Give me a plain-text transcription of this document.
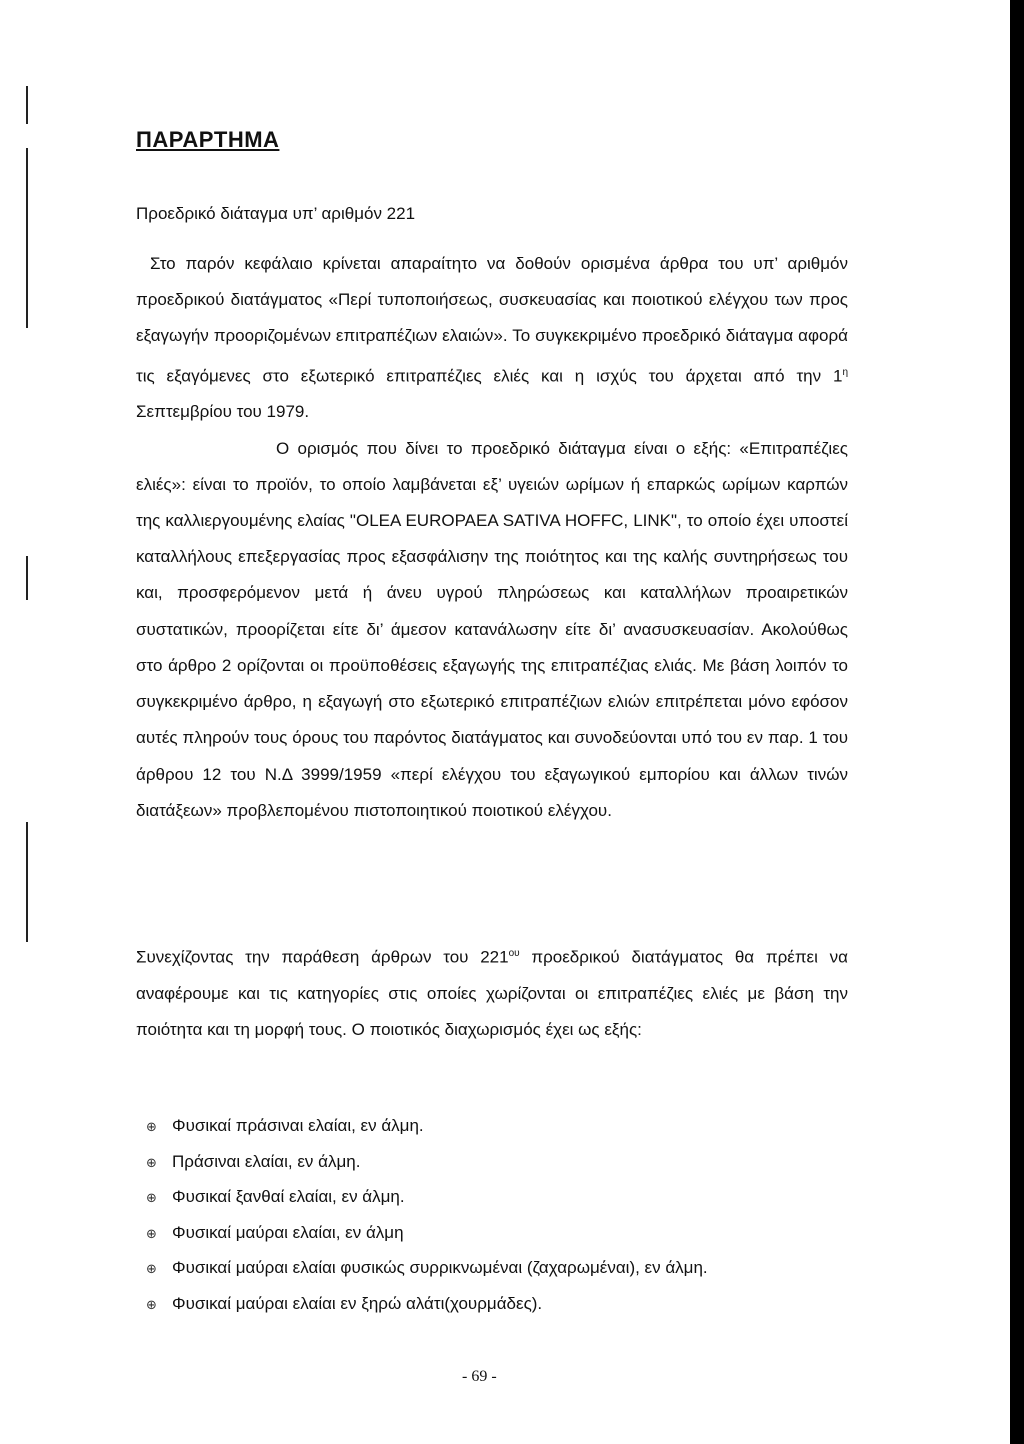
ΠΑΡΑΡΤΗΜΑ
Προεδρικό διάταγμα υπ’ αριθμόν 221

Στο παρόν κεφάλαιο κρίνεται απαραίτητο να δοθούν ορισμένα άρθρα του υπ’ αριθμόν προεδρικού διατάγματος «Περί τυποποιήσεως, συσκευασίας και ποιοτικού ελέγχου των προς εξαγωγήν προοριζομένων επιτραπέζιων ελαιών». Το συγκεκριμένο προεδρικό διάταγμα αφορά τις εξαγόμενες στο εξωτερικό επιτραπέζιες ελιές και η ισχύς του άρχεται από την $1^\eta$ Σεπτεμβρίου του 1979.
Ο ορισμός που δίνει το προεδρικό διάταγμα είναι ο εξής: «Επιτραπέζιες ελιές»: είναι το προϊόν, το οποίο λαμβάνεται εξ’ υγειών ωρίμων ή επαρκώς ωρίμων καρπών της καλλιεργουμένης ελαίας "OLEA EUROPAEA SATIVA HOFFC, LINK", το οποίο έχει υποστεί καταλλήλους επεξεργασίας προς εξασφάλισην της ποιότητος και της καλής συντηρήσεως του και, προσφερόμενον μετά ή άνευ υγρού πληρώσεως και καταλλήλων προαιρετικών συστατικών, προορίζεται είτε δι’ άμεσον κατανάλωσην είτε δι’ ανασυσκευασίαν. Ακολούθως στο άρθρο 2 ορίζονται οι προϋποθέσεις εξαγωγής της επιτραπέζιας ελιάς. Με βάση λοιπόν το συγκεκριμένο άρθρο, η εξαγωγή στο εξωτερικό επιτραπέζιων ελιών επιτρέπεται μόνο εφόσον αυτές πληρούν τους όρους του παρόντος διατάγματος και συνοδεύονται υπό του εν παρ. 1 του άρθρου 12 του Ν.Δ 3999/1959 «περί ελέγχου του εξαγωγικού εμπορίου και άλλων τινών διατάξεων» προβλεπομένου πιστοποιητικού ποιοτικού ελέγχου.

Συνεχίζοντας την παράθεση άρθρων του $221^{o\upsilon}$ προεδρικού διατάγματος θα πρέπει να αναφέρουμε και τις κατηγορίες στις οποίες χωρίζονται οι επιτραπέζιες ελιές με βάση την ποιότητα και τη μορφή τους. Ο ποιοτικός διαχωρισμός έχει ως εξής:

⊕ Φυσικαί πράσιναι ελαίαι, εν άλμη.
⊕ Πράσιναι ελαίαι, εν άλμη.
⊕ Φυσικαί ξανθαί ελαίαι, εν άλμη.
⊕ Φυσικαί μαύραι ελαίαι, εν άλμη
⊕ Φυσικαί μαύραι ελαίαι φυσικώς συρρικνωμέναι (ζαχαρωμέναι), εν άλμη.
⊕ Φυσικαί μαύραι ελαίαι εν ξηρώ αλάτι(χουρμάδες).
- 69 -
